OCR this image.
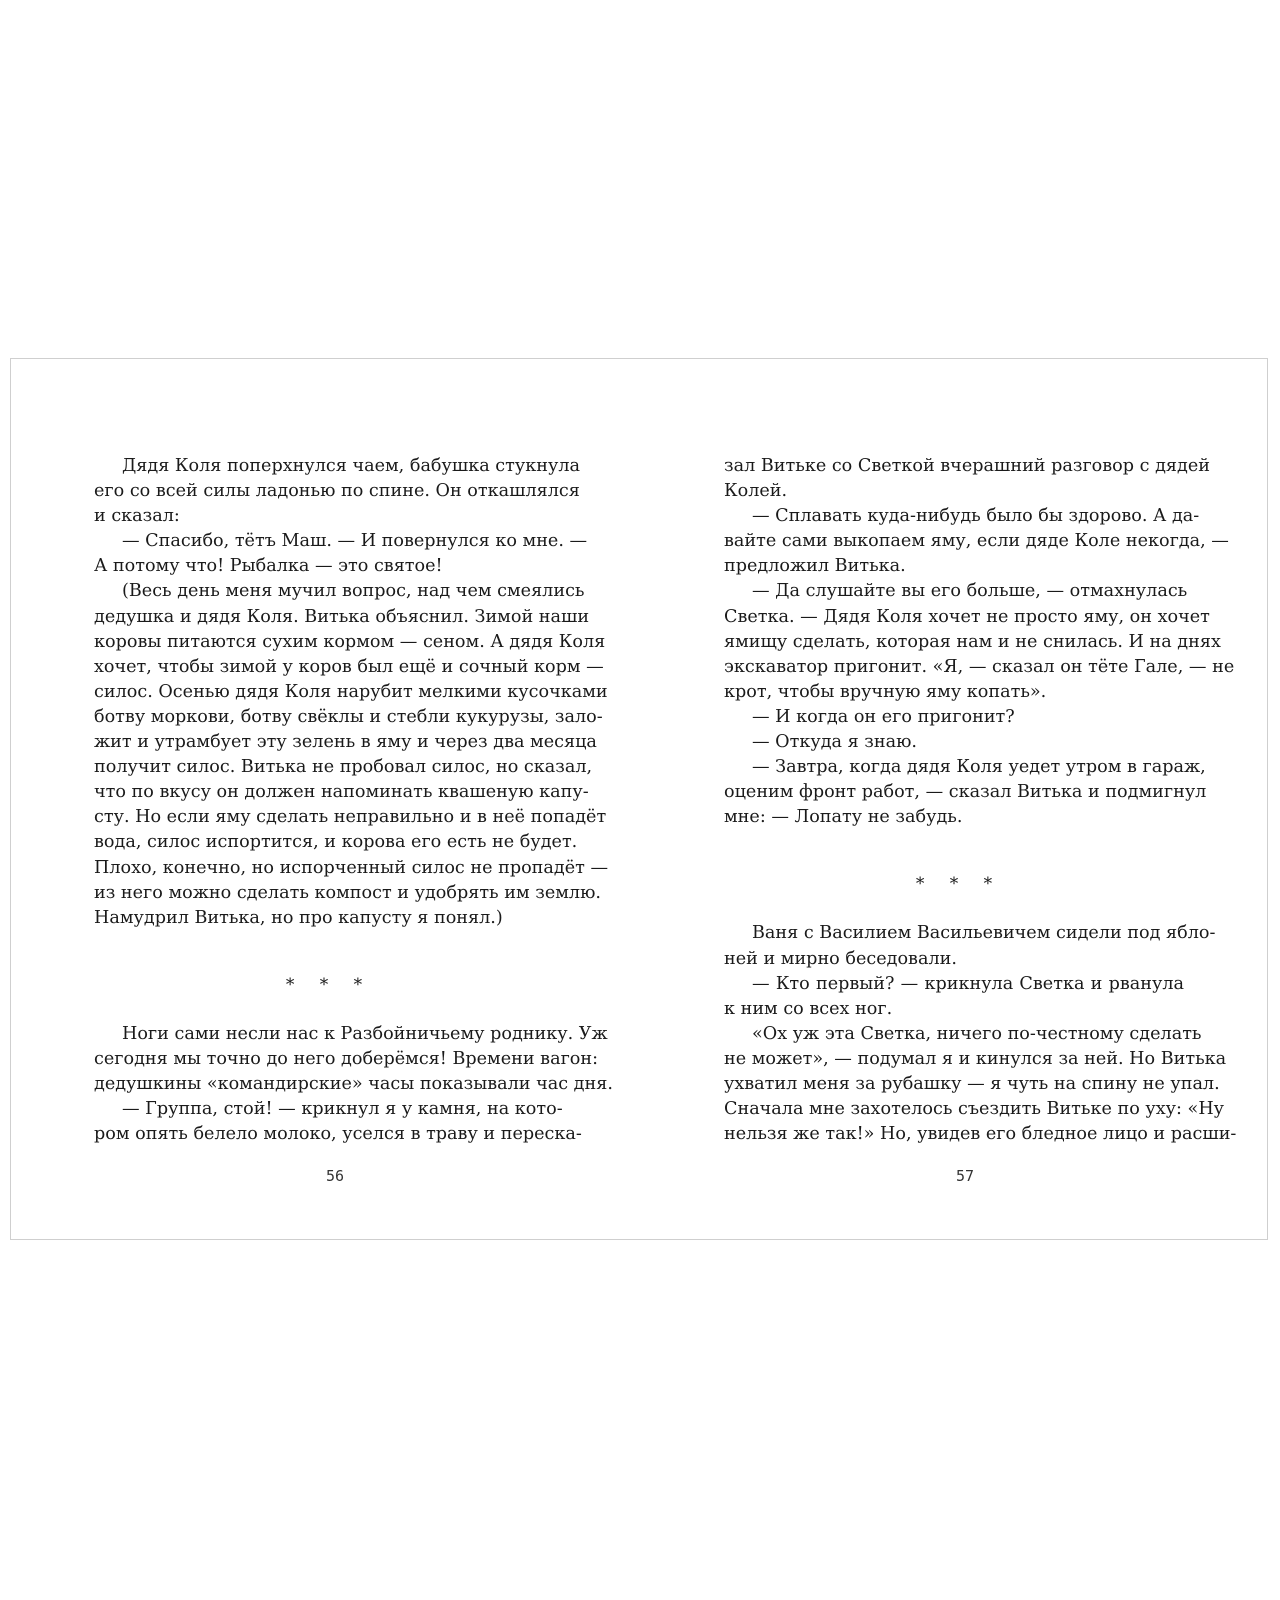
Дядя Коля поперхнулся чаем, бабушка стукнула
его со всей силы ладонью по спине. Он откашлялся
и сказал:
— Спасибо, тётъ Маш. — И повернулся ко мне. —
А потому что! Рыбалка — это святое!
(Весь день меня мучил вопрос, над чем смеялись
дедушка и дядя Коля. Витька объяснил. Зимой наши
коровы питаются сухим кормом — сеном. А дядя Коля
хочет, чтобы зимой у коров был ещё и сочный корм —
силос. Осенью дядя Коля нарубит мелкими кусочками
ботву моркови, ботву свёклы и стебли кукурузы, зало-
жит и утрамбует эту зелень в яму и через два месяца
получит силос. Витька не пробовал силос, но сказал,
что по вкусу он должен напоминать квашеную капу-
сту. Но если яму сделать неправильно и в неё попадёт
вода, силос испортится, и корова его есть не будет.
Плохо, конечно, но испорченный силос не пропадёт —
из него можно сделать компост и удобрять им землю.
Намудрил Витька, но про капусту я понял.)
* * *
Ноги сами несли нас к Разбойничьему роднику. Уж
сегодня мы точно до него доберёмся! Времени вагон:
дедушкины «командирские» часы показывали час дня.
— Группа, стой! — крикнул я у камня, на кото-
ром опять белело молоко, уселся в траву и переска-
зал Витьке со Светкой вчерашний разговор с дядей
Колей.
— Сплавать куда-нибудь было бы здорово. А да-
вайте сами выкопаем яму, если дяде Коле некогда, —
предложил Витька.
— Да слушайте вы его больше, — отмахнулась
Светка. — Дядя Коля хочет не просто яму, он хочет
ямищу сделать, которая нам и не снилась. И на днях
экскаватор пригонит. «Я, — сказал он тёте Гале, — не
крот, чтобы вручную яму копать».
— И когда он его пригонит?
— Откуда я знаю.
— Завтра, когда дядя Коля уедет утром в гараж,
оценим фронт работ, — сказал Витька и подмигнул
мне: — Лопату не забудь.
* * *
Ваня с Василием Васильевичем сидели под ябло-
ней и мирно беседовали.
— Кто первый? — крикнула Светка и рванула
к ним со всех ног.
«Ох уж эта Светка, ничего по-честному сделать
не может», — подумал я и кинулся за ней. Но Витька
ухватил меня за рубашку — я чуть на спину не упал.
Сначала мне захотелось съездить Витьке по уху: «Ну
нельзя же так!» Но, увидев его бледное лицо и расши-
56	57
